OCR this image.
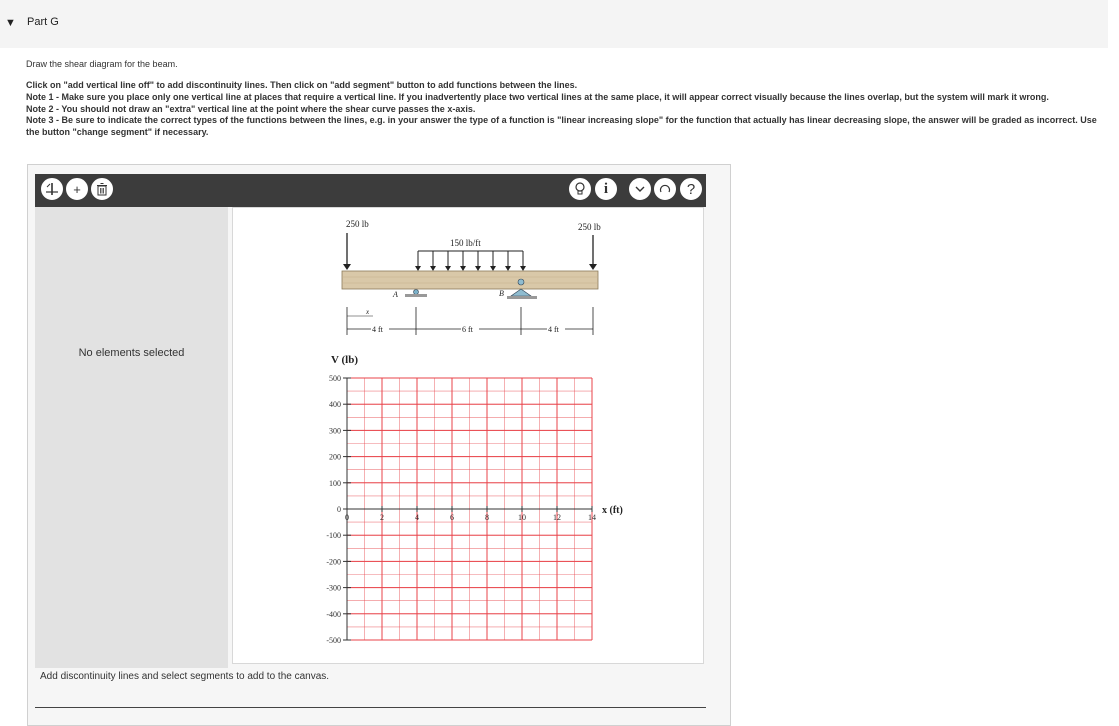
▼ Part G
Draw the shear diagram for the beam.

Click on "add vertical line off" to add discontinuity lines. Then click on "add segment" button to add functions between the lines.

Note 1 - Make sure you place only one vertical line at places that require a vertical line. If you inadvertently place two vertical lines at the same place, it will appear correct visually because the lines overlap, but the system will mark it wrong.

Note 2 - You should not draw an "extra" vertical line at the point where the shear curve passes the x-axis.

Note 3 - Be sure to indicate the correct types of the functions between the lines, e.g. in your answer the type of a function is "linear increasing slope" for the function that actually has linear decreasing slope, the answer will be graded as incorrect. Use the button "change segment" if necessary.

+	i	?
No elements selected
250 lb	250 lb
150 lb/ft
A	B
x
4 ft	6 ft	4 ft
V (lb)
x (ft)
500
400
300
200
100
0
-100
-200
-300
-400
-500
0	2	4	6	8	10	12	14
Add discontinuity lines and select segments to add to the canvas.
